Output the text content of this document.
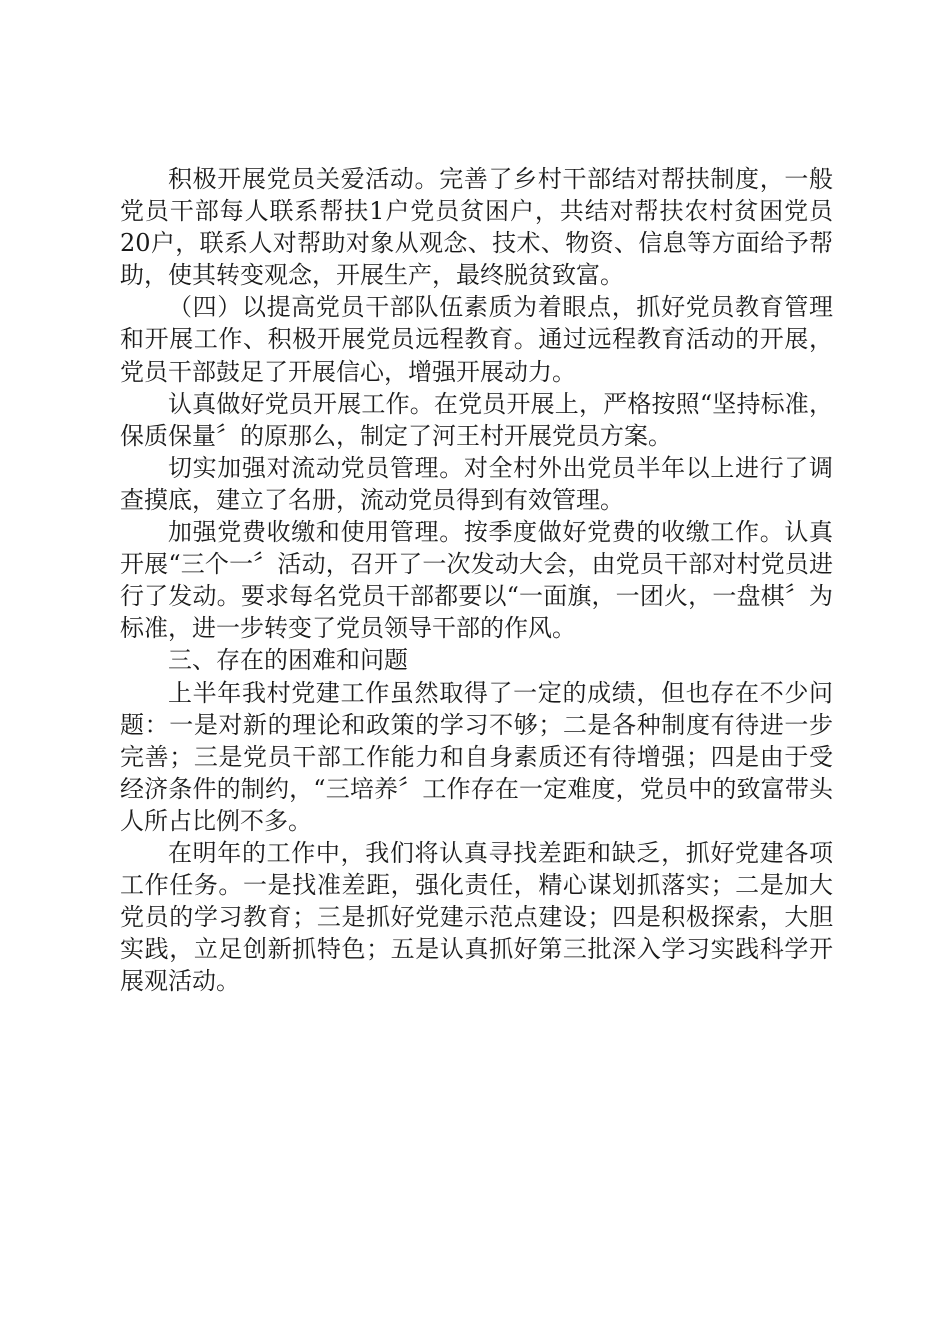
积极开展党员关爱活动。完善了乡村干部结对帮扶制度，一般党员干部每人联系帮扶1户党员贫困户，共结对帮扶农村贫困党员20户，联系人对帮助对象从观念、技术、物资、信息等方面给予帮助，使其转变观念，开展生产，最终脱贫致富。

（四）以提高党员干部队伍素质为着眼点，抓好党员教育管理和开展工作、积极开展党员远程教育。通过远程教育活动的开展，党员干部鼓足了开展信心，增强开展动力。

认真做好党员开展工作。在党员开展上，严格按照“坚持标准，保质保量〞的原那么，制定了河王村开展党员方案。

切实加强对流动党员管理。对全村外出党员半年以上进行了调查摸底，建立了名册，流动党员得到有效管理。

加强党费收缴和使用管理。按季度做好党费的收缴工作。认真开展“三个一〞活动，召开了一次发动大会，由党员干部对村党员进行了发动。要求每名党员干部都要以“一面旗，一团火，一盘棋〞为标准，进一步转变了党员领导干部的作风。

三、存在的困难和问题

上半年我村党建工作虽然取得了一定的成绩，但也存在不少问题：一是对新的理论和政策的学习不够；二是各种制度有待进一步完善；三是党员干部工作能力和自身素质还有待增强；四是由于受经济条件的制约，“三培养〞工作存在一定难度，党员中的致富带头人所占比例不多。

在明年的工作中，我们将认真寻找差距和缺乏，抓好党建各项工作任务。一是找准差距，强化责任，精心谋划抓落实；二是加大党员的学习教育；三是抓好党建示范点建设；四是积极探索，大胆实践，立足创新抓特色；五是认真抓好第三批深入学习实践科学开展观活动。
